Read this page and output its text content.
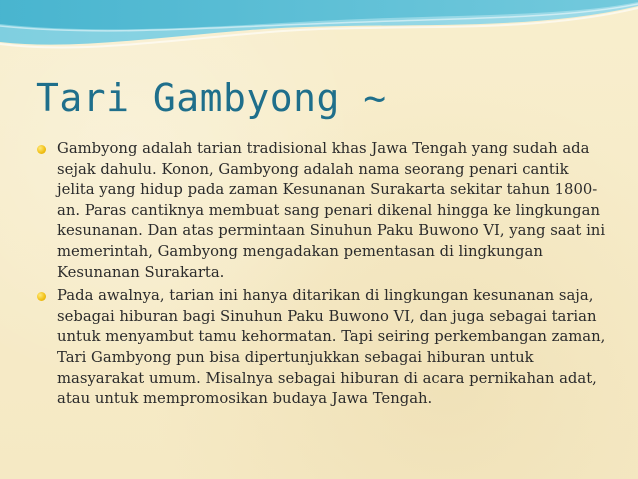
Tari Gambyong ~
Gambyong adalah tarian tradisional khas Jawa Tengah yang sudah ada sejak dahulu. Konon, Gambyong adalah nama seorang penari cantik jelita yang hidup pada zaman Kesunanan Surakarta sekitar tahun 1800-an. Paras cantiknya membuat sang penari dikenal hingga ke lingkungan kesunanan. Dan atas permintaan Sinuhun Paku Buwono VI, yang saat ini memerintah, Gambyong mengadakan pementasan di lingkungan Kesunanan Surakarta.
Pada awalnya, tarian ini hanya ditarikan di lingkungan kesunanan saja, sebagai hiburan bagi Sinuhun Paku Buwono VI, dan juga sebagai tarian untuk menyambut tamu kehormatan. Tapi seiring perkembangan zaman, Tari Gambyong pun bisa dipertunjukkan sebagai hiburan untuk masyarakat umum. Misalnya sebagai hiburan di acara pernikahan adat, atau untuk mempromosikan budaya Jawa Tengah.
